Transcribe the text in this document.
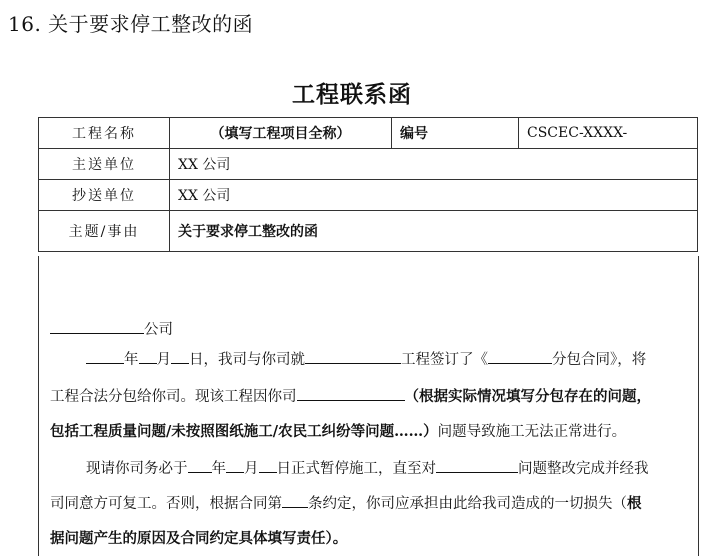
16. 关于要求停工整改的函
工程联系函
工程名称	（填写工程项目全称）	编号	CSCEC-XXXX-
主送单位	XX 公司		
抄送单位	XX 公司		
主题/事由	关于要求停工整改的函		
公司
年 月 日，我司与你司就	工程签订了《	分包合同》，将
工程合法分包给你司。现该工程因你司	（根据实际情况填写分包存在的问题，
包括工程质量问题/未按照图纸施工/农民工纠纷等问题……）问题导致施工无法正常进行。
现请你司务必于 年 月 日正式暂停施工，直至对	问题整改完成并经我
司同意方可复工。否则，根据合同第 条约定，你司应承担由此给我司造成的一切损失（根
据问题产生的原因及合同约定具体填写责任）。
